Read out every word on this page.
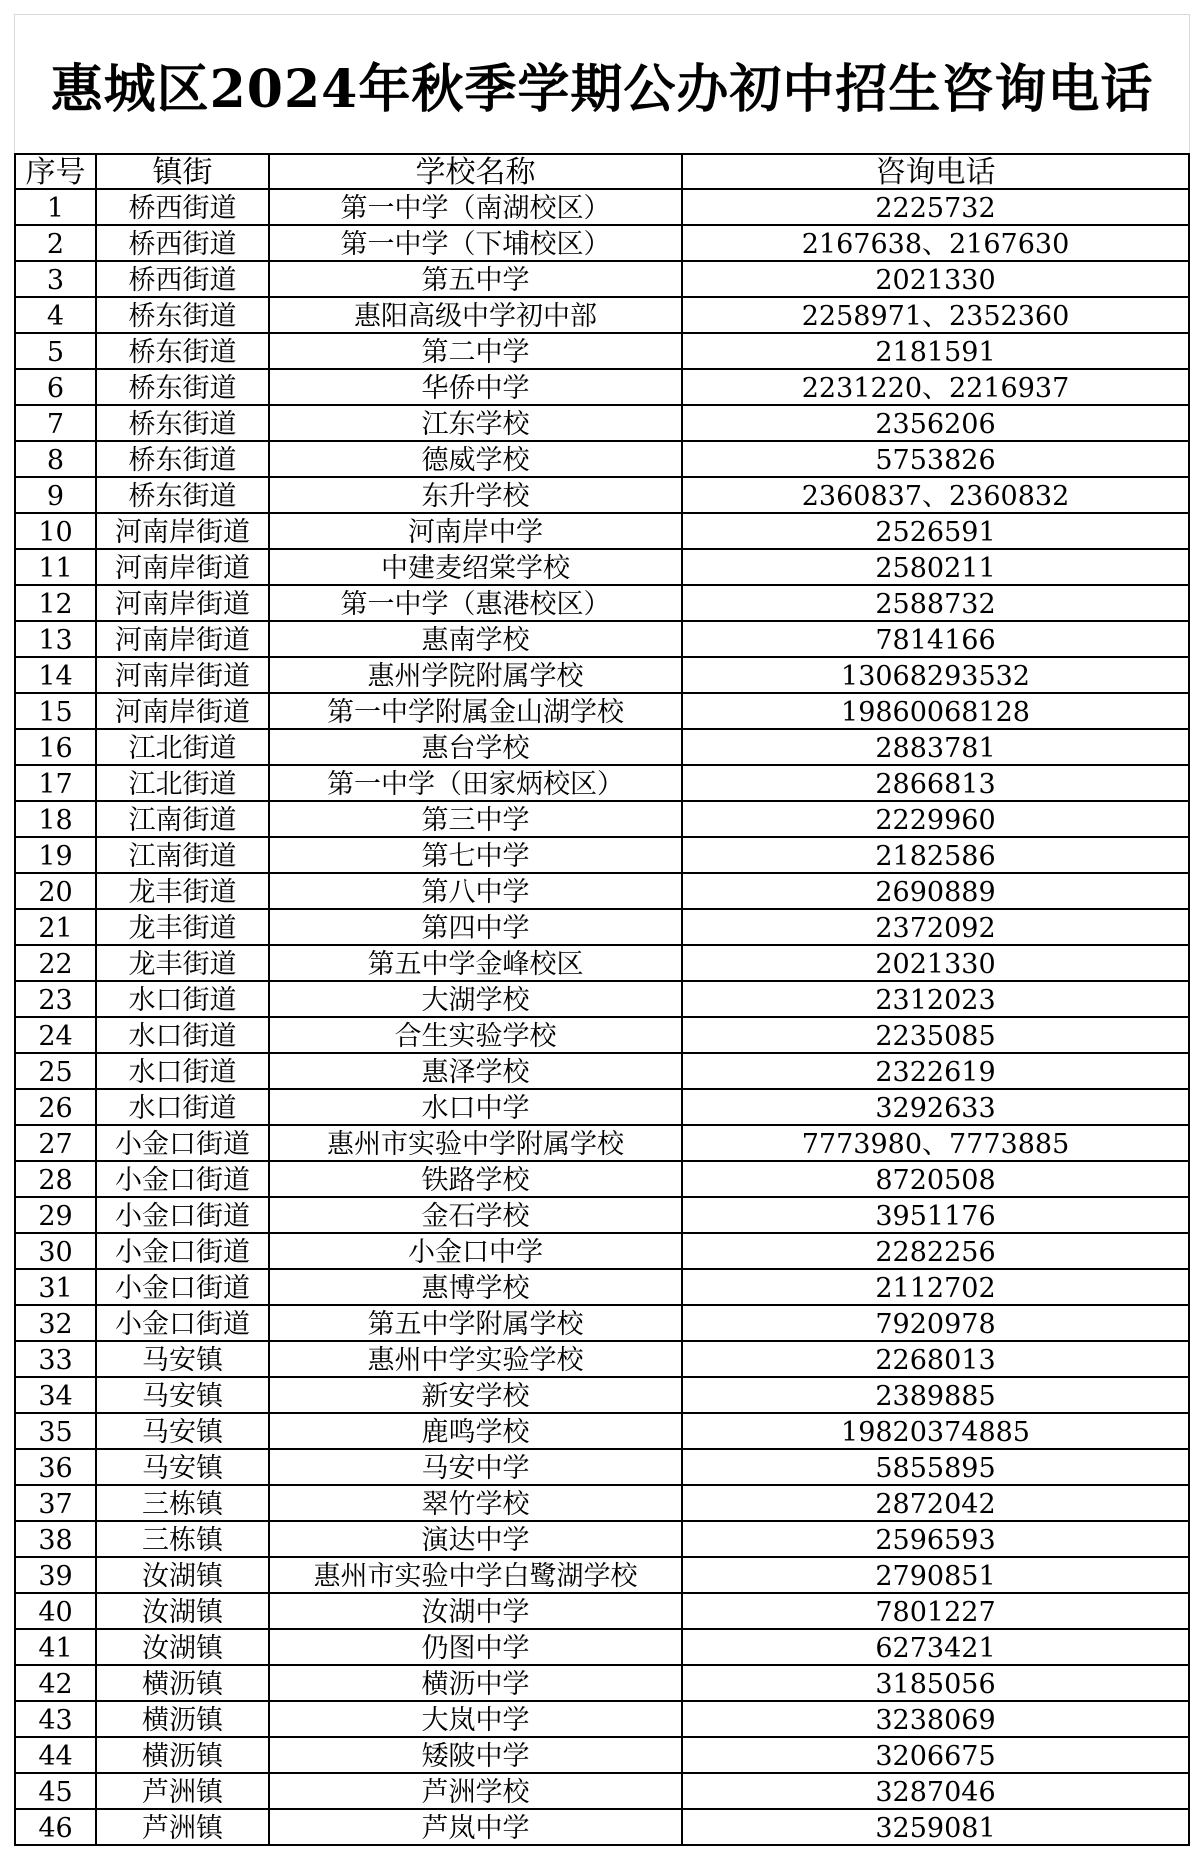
惠城区2024年秋季学期公办初中招生咨询电话
序号	镇街	学校名称	咨询电话
1	桥西街道	第一中学（南湖校区）	2225732
2	桥西街道	第一中学（下埔校区）	2167638、2167630
3	桥西街道	第五中学	2021330
4	桥东街道	惠阳高级中学初中部	2258971、2352360
5	桥东街道	第二中学	2181591
6	桥东街道	华侨中学	2231220、2216937
7	桥东街道	江东学校	2356206
8	桥东街道	德威学校	5753826
9	桥东街道	东升学校	2360837、2360832
10	河南岸街道	河南岸中学	2526591
11	河南岸街道	中建麦绍棠学校	2580211
12	河南岸街道	第一中学（惠港校区）	2588732
13	河南岸街道	惠南学校	7814166
14	河南岸街道	惠州学院附属学校	13068293532
15	河南岸街道	第一中学附属金山湖学校	19860068128
16	江北街道	惠台学校	2883781
17	江北街道	第一中学（田家炳校区）	2866813
18	江南街道	第三中学	2229960
19	江南街道	第七中学	2182586
20	龙丰街道	第八中学	2690889
21	龙丰街道	第四中学	2372092
22	龙丰街道	第五中学金峰校区	2021330
23	水口街道	大湖学校	2312023
24	水口街道	合生实验学校	2235085
25	水口街道	惠泽学校	2322619
26	水口街道	水口中学	3292633
27	小金口街道	惠州市实验中学附属学校	7773980、7773885
28	小金口街道	铁路学校	8720508
29	小金口街道	金石学校	3951176
30	小金口街道	小金口中学	2282256
31	小金口街道	惠博学校	2112702
32	小金口街道	第五中学附属学校	7920978
33	马安镇	惠州中学实验学校	2268013
34	马安镇	新安学校	2389885
35	马安镇	鹿鸣学校	19820374885
36	马安镇	马安中学	5855895
37	三栋镇	翠竹学校	2872042
38	三栋镇	演达中学	2596593
39	汝湖镇	惠州市实验中学白鹭湖学校	2790851
40	汝湖镇	汝湖中学	7801227
41	汝湖镇	仍图中学	6273421
42	横沥镇	横沥中学	3185056
43	横沥镇	大岚中学	3238069
44	横沥镇	矮陂中学	3206675
45	芦洲镇	芦洲学校	3287046
46	芦洲镇	芦岚中学	3259081
